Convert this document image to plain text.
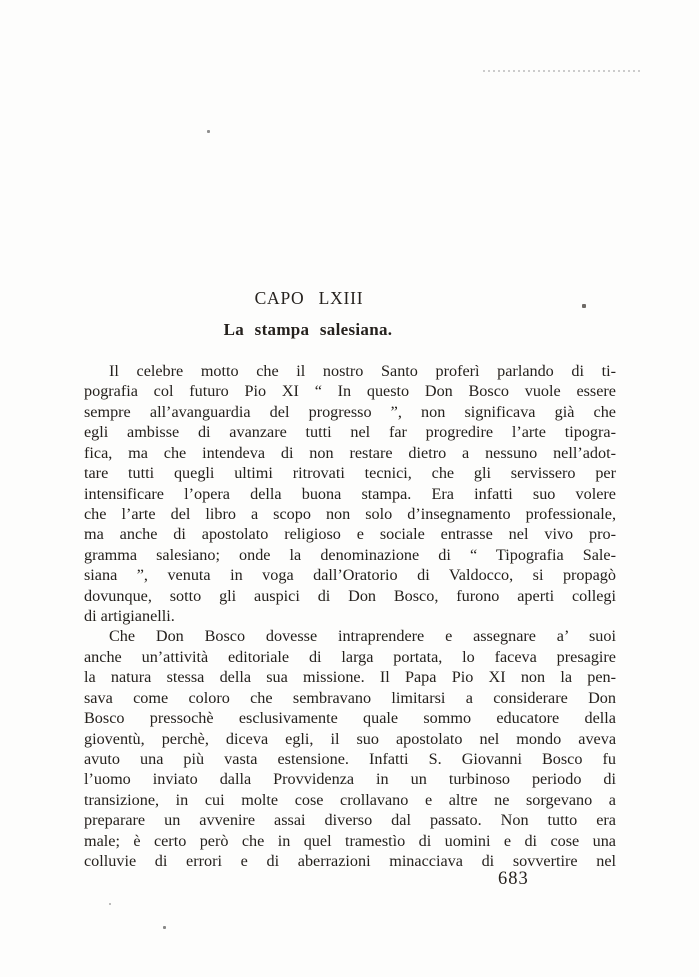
CAPO LXIII
La stampa salesiana.
Il celebre motto che il nostro Santo proferì parlando di ti-
pografia col futuro Pio XI “ In questo Don Bosco vuole essere
sempre all’avanguardia del progresso ”, non significava già che
egli ambisse di avanzare tutti nel far progredire l’arte tipogra-
fica, ma che intendeva di non restare dietro a nessuno nell’adot-
tare tutti quegli ultimi ritrovati tecnici, che gli servissero per
intensificare l’opera della buona stampa. Era infatti suo volere
che l’arte del libro a scopo non solo d’insegnamento professionale,
ma anche di apostolato religioso e sociale entrasse nel vivo pro-
gramma salesiano; onde la denominazione di “ Tipografia Sale-
siana ”, venuta in voga dall’Oratorio di Valdocco, si propagò
dovunque, sotto gli auspici di Don Bosco, furono aperti collegi
di artigianelli.
Che Don Bosco dovesse intraprendere e assegnare a’ suoi
anche un’attività editoriale di larga portata, lo faceva presagire
la natura stessa della sua missione. Il Papa Pio XI non la pen-
sava come coloro che sembravano limitarsi a considerare Don
Bosco pressochè esclusivamente quale sommo educatore della
gioventù, perchè, diceva egli, il suo apostolato nel mondo aveva
avuto una più vasta estensione. Infatti S. Giovanni Bosco fu
l’uomo inviato dalla Provvidenza in un turbinoso periodo di
transizione, in cui molte cose crollavano e altre ne sorgevano a
preparare un avvenire assai diverso dal passato. Non tutto era
male; è certo però che in quel tramestìo di uomini e di cose una
colluvie di errori e di aberrazioni minacciava di sovvertire nel
683
